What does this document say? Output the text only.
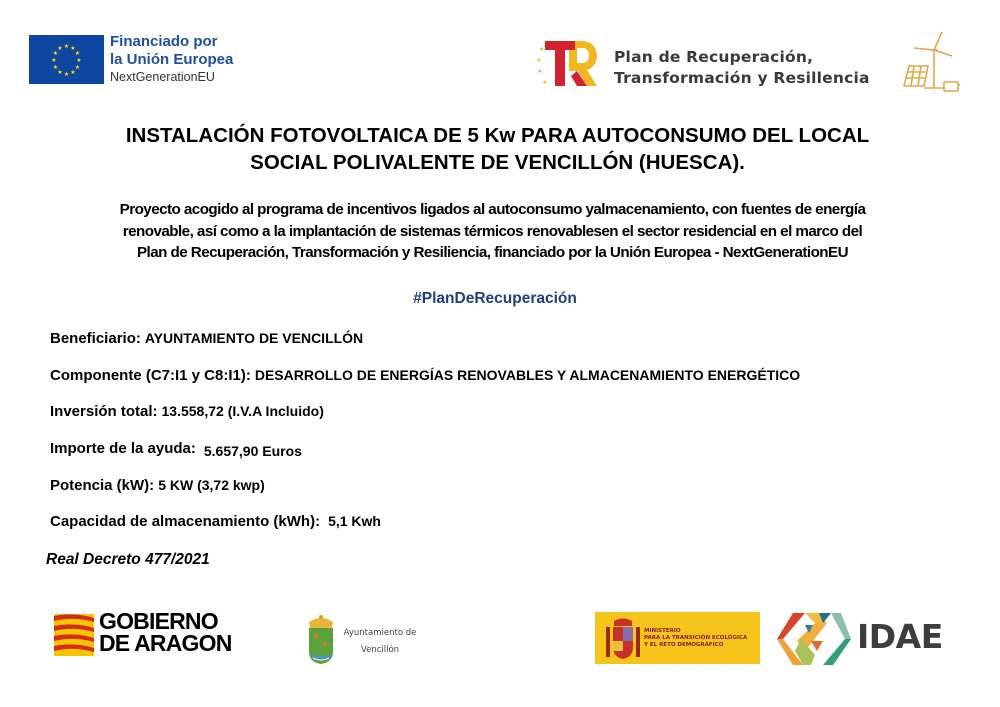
★ ★
★
★
★
★
★
★
★
★
★
★	Financiado por
la Unión Europea
NextGenerationEU
★
★
★
★
Plan de Recuperación,
Transformación y Resillencia
INSTALACIÓN FOTOVOLTAICA DE 5 Kw PARA AUTOCONSUMO DEL LOCAL
SOCIAL POLIVALENTE DE VENCILLÓN (HUESCA).
Proyecto acogido al programa de incentivos ligados al autoconsumo yalmacenamiento, con fuentes de energía
renovable, así como a la implantación de sistemas térmicos renovablesen el sector residencial en el marco del
Plan de Recuperación, Transformación y Resiliencia, financiado por la Unión Europea - NextGenerationEU
#PlanDeRecuperación
Beneficiario: AYUNTAMIENTO DE VENCILLÓN
Componente (C7:I1 y C8:I1): DESARROLLO DE ENERGÍAS RENOVABLES Y ALMACENAMIENTO ENERGÉTICO
Inversión total: 13.558,72 (I.V.A Incluido)
Importe de la ayuda: 5.657,90 Euros
Potencia (kW): 5 KW (3,72 kwp)
Capacidad de almacenamiento (kWh): 5,1 Kwh
Real Decreto 477/2021
GOBIERNO
DE ARAGON	Ayuntamiento de
Vencillón
MINISTERIO
PARA LA TRANSICIÓN ECOLÓGICA
Y EL RETO DEMOGRÁFICO	IDAE
